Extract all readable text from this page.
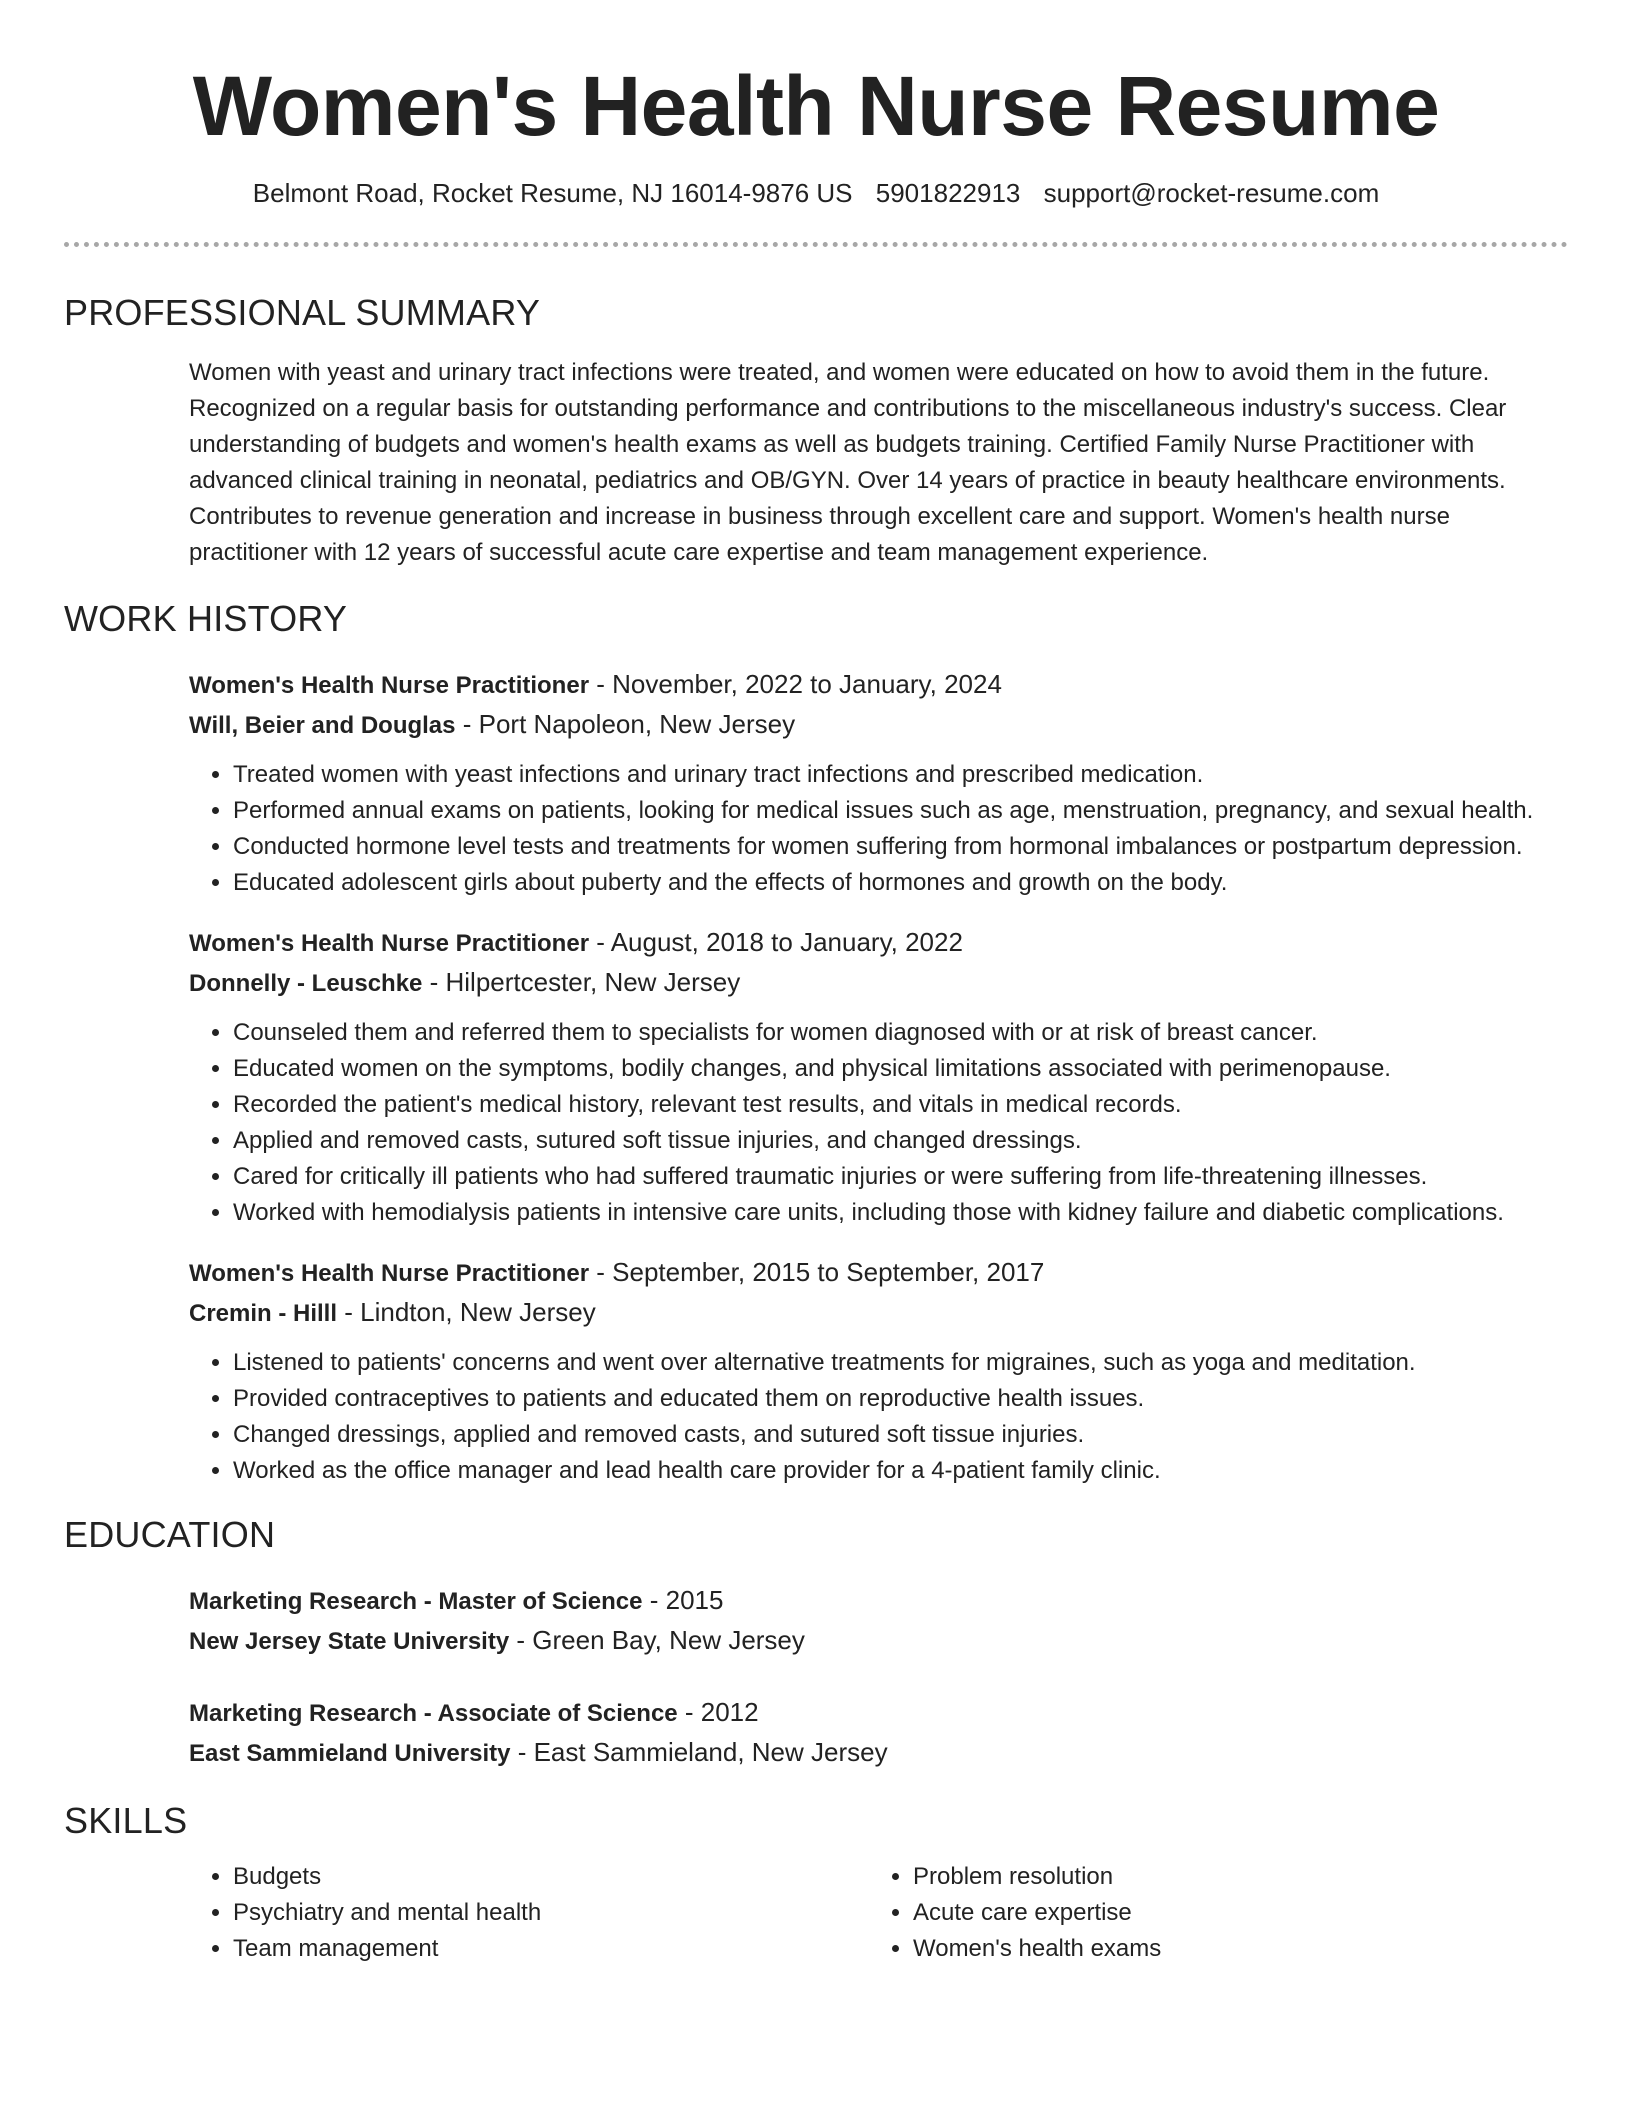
Women's Health Nurse Resume
Belmont Road, Rocket Resume, NJ 16014-9876 US 5901822913 support@rocket-resume.com
PROFESSIONAL SUMMARY
Women with yeast and urinary tract infections were treated, and women were educated on how to avoid them in the future. Recognized on a regular basis for outstanding performance and contributions to the miscellaneous industry's success. Clear understanding of budgets and women's health exams as well as budgets training. Certified Family Nurse Practitioner with advanced clinical training in neonatal, pediatrics and OB/GYN. Over 14 years of practice in beauty healthcare environments. Contributes to revenue generation and increase in business through excellent care and support. Women's health nurse practitioner with 12 years of successful acute care expertise and team management experience.
WORK HISTORY
Women's Health Nurse Practitioner - November, 2022 to January, 2024
Will, Beier and Douglas - Port Napoleon, New Jersey
• Treated women with yeast infections and urinary tract infections and prescribed medication.
• Performed annual exams on patients, looking for medical issues such as age, menstruation, pregnancy, and sexual health.
• Conducted hormone level tests and treatments for women suffering from hormonal imbalances or postpartum depression.
• Educated adolescent girls about puberty and the effects of hormones and growth on the body.
Women's Health Nurse Practitioner - August, 2018 to January, 2022
Donnelly - Leuschke - Hilpertcester, New Jersey
• Counseled them and referred them to specialists for women diagnosed with or at risk of breast cancer.
• Educated women on the symptoms, bodily changes, and physical limitations associated with perimenopause.
• Recorded the patient's medical history, relevant test results, and vitals in medical records.
• Applied and removed casts, sutured soft tissue injuries, and changed dressings.
• Cared for critically ill patients who had suffered traumatic injuries or were suffering from life-threatening illnesses.
• Worked with hemodialysis patients in intensive care units, including those with kidney failure and diabetic complications.
Women's Health Nurse Practitioner - September, 2015 to September, 2017
Cremin - Hilll - Lindton, New Jersey
• Listened to patients' concerns and went over alternative treatments for migraines, such as yoga and meditation.
• Provided contraceptives to patients and educated them on reproductive health issues.
• Changed dressings, applied and removed casts, and sutured soft tissue injuries.
• Worked as the office manager and lead health care provider for a 4-patient family clinic.
EDUCATION
Marketing Research - Master of Science - 2015
New Jersey State University - Green Bay, New Jersey
Marketing Research - Associate of Science - 2012
East Sammieland University - East Sammieland, New Jersey
SKILLS
• Budgets
• Psychiatry and mental health
• Team management
• Problem resolution
• Acute care expertise
• Women's health exams
